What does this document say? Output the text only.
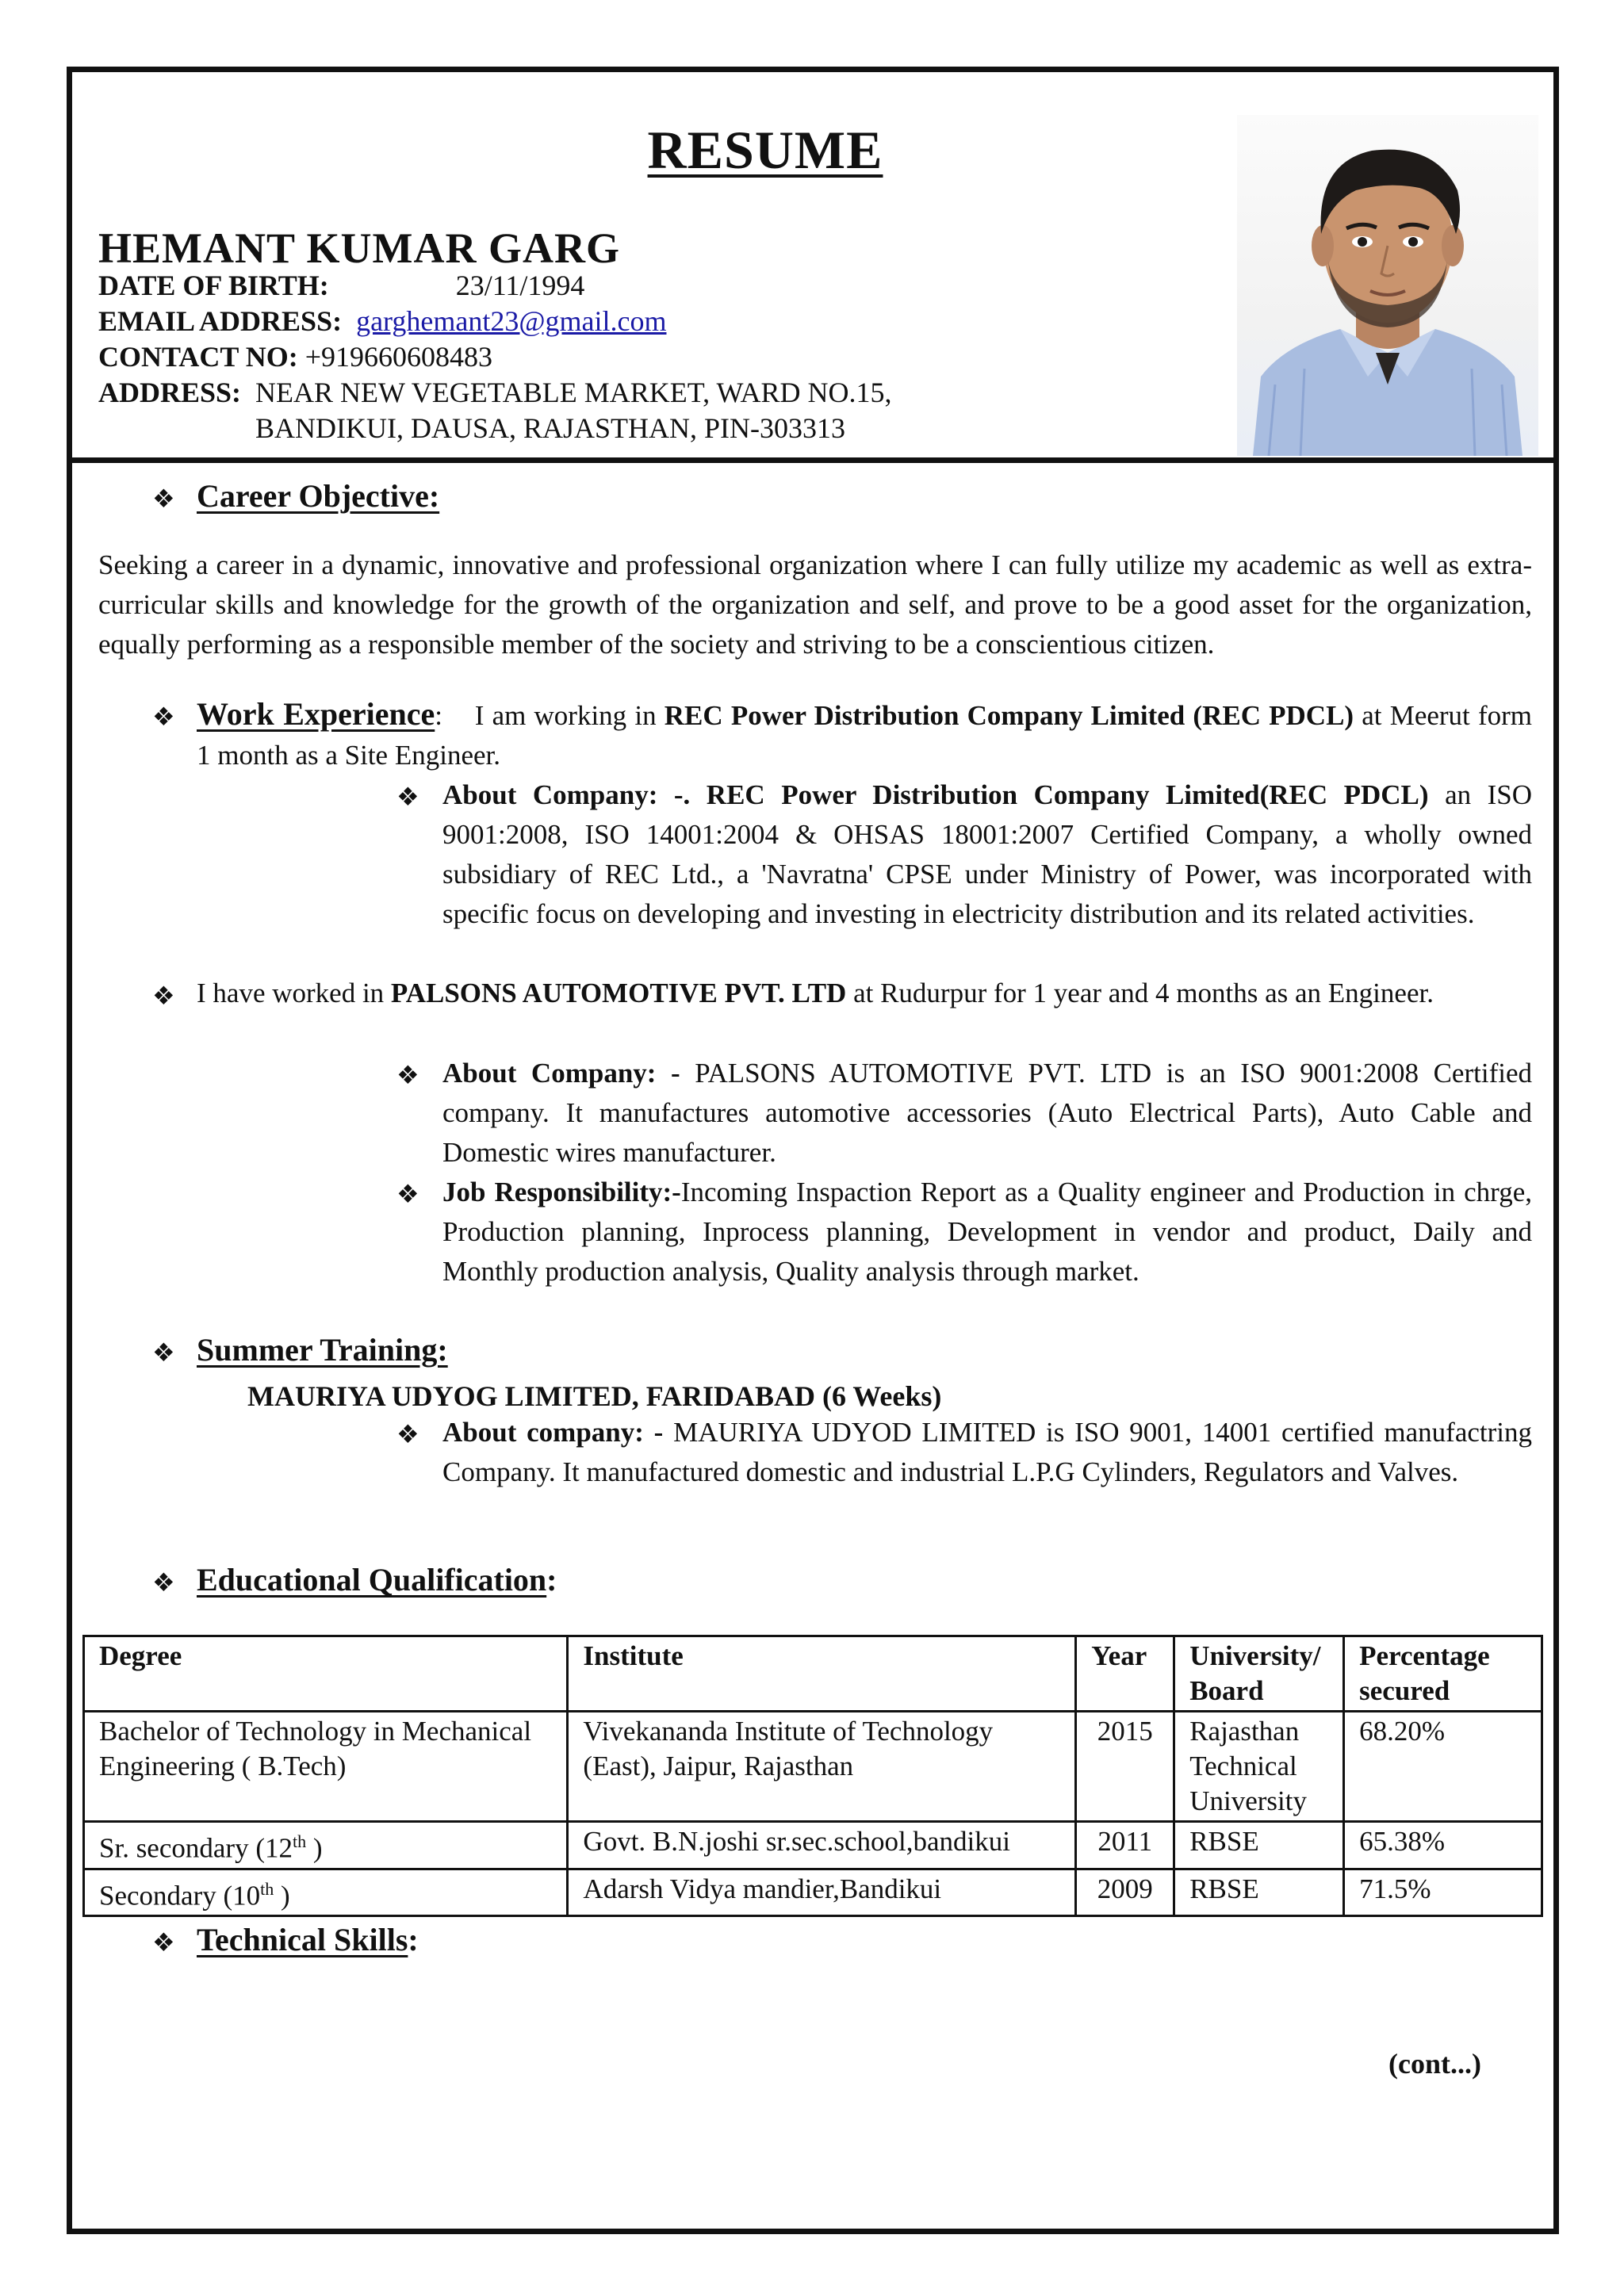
RESUME
HEMANT KUMAR GARG
DATE OF BIRTH:	23/11/1994
EMAIL ADDRESS: garghemant23@gmail.com
CONTACT NO: +919660608483
ADDRESS: NEAR NEW VEGETABLE MARKET, WARD NO.15,
BANDIKUI, DAUSA, RAJASTHAN, PIN-303313
❖ Career Objective:
Seeking a career in a dynamic, innovative and professional organization where I can fully utilize my academic as well as extra-curricular skills and knowledge for the growth of the organization and self, and prove to be a good asset for the organization, equally performing as a responsible member of the society and striving to be a conscientious citizen.
❖ Work Experience: I am working in REC Power Distribution Company Limited (REC PDCL) at Meerut form 1 month as a Site Engineer.
❖ About Company: -. REC Power Distribution Company Limited(REC PDCL) an ISO 9001:2008, ISO 14001:2004 & OHSAS 18001:2007 Certified Company, a wholly owned subsidiary of REC Ltd., a 'Navratna' CPSE under Ministry of Power, was incorporated with specific focus on developing and investing in electricity distribution and its related activities.
❖ I have worked in PALSONS AUTOMOTIVE PVT. LTD at Rudurpur for 1 year and 4 months as an Engineer.
❖ About Company: - PALSONS AUTOMOTIVE PVT. LTD is an ISO 9001:2008 Certified company. It manufactures automotive accessories (Auto Electrical Parts), Auto Cable and Domestic wires manufacturer.
❖ Job Responsibility:-Incoming Inspaction Report as a Quality engineer and Production in chrge, Production planning, Inprocess planning, Development in vendor and product, Daily and Monthly production analysis, Quality analysis through market.
❖ Summer Training:
MAURIYA UDYOG LIMITED, FARIDABAD (6 Weeks)
❖ About company: - MAURIYA UDYOD LIMITED is ISO 9001, 14001 certified manufactring Company. It manufactured domestic and industrial L.P.G Cylinders, Regulators and Valves.
❖ Educational Qualification:
Degree	Institute	Year	University/ Board	Percentage secured
Bachelor of Technology in Mechanical Engineering ( B.Tech)	Vivekananda Institute of Technology (East), Jaipur, Rajasthan	2015	Rajasthan Technical University	68.20%
Sr. secondary (12th )	Govt. B.N.joshi sr.sec.school,bandikui	2011	RBSE	65.38%
Secondary (10th )	Adarsh Vidya mandier,Bandikui	2009	RBSE	71.5%
❖ Technical Skills:
(cont...)
